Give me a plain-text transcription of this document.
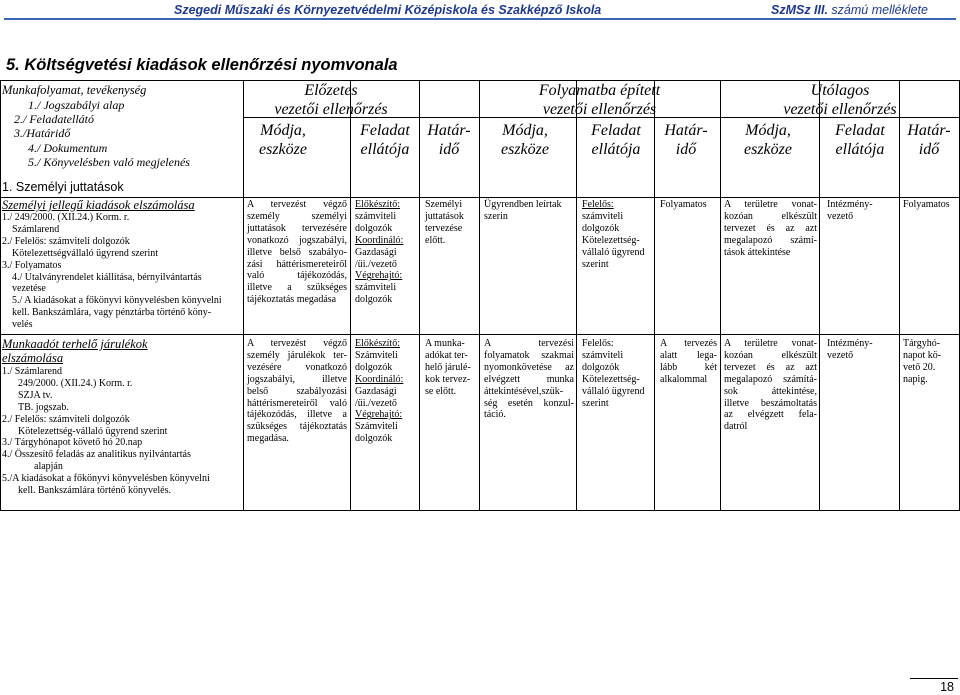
Szegedi Műszaki és Környezetvédelmi Középiskola és Szakképző Iskola	SzMSz III. számú melléklete
5. Költségvetési kiadások ellenőrzési nyomvonala
Munkafolyamat, tevékenység
1./ Jogszabályi alap
2./ Feladatellátó
3./Határidő
4./ Dokumentum
5./ Könyvelésben való megjelenés
1. Személyi juttatások
Előzetes
vezetői ellenőrzés
Folyamatba épített
vezetői ellenőrzés
Utólagos
vezetői ellenőrzés
Módja,
eszköze
Feladat
ellátója
Határ-
idő
Módja,
eszköze
Feladat
ellátója
Határ-
idő
Módja,
eszköze
Feladat
ellátója
Határ-
idő
Személyi jellegű kiadások elszámolása
1./ 249/2000. (XII.24.) Korm. r.
Számlarend
2./ Felelős: számviteli dolgozók
Kötelezettségvállaló ügyrend szerint
3./ Folyamatos
4./ Utalványrendelet kiállítása, bérnyilvántartás
vezetése
5./ A kiadásokat a főkönyvi könyvelésben könyvelni
kell. Bankszámlára, vagy pénztárba történő köny-
velés
A tervezést végző
személy személyi
juttatások tervezésére
vonatkozó jogszabályi,
illetve belső szabályo-
zási háttérismereteiről
való tájékozódás,
illetve a szükséges
tájékoztatás megadása
Előkészítő:
számviteli
dolgozók
Koordináló:
Gazdasági
/üi./vezető
Végrehajtó:
számviteli
dolgozók
Személyi
juttatások
tervezése
előtt.
Ügyrendben leírtak
szerin
Felelős:
számviteli
dolgozók
Kötelezettség-
vállaló ügyrend
szerint
Folyamatos	A területre vonat-
kozóan elkészült
tervezet és az azt
megalapozó számí-
tások áttekintése
Intézmény-
vezető
Folyamatos
Munkaadót terhelő járulékok
elszámolása
1./ Számlarend
249/2000. (XII.24.) Korm. r.
SZJA tv.
TB. jogszab.
2./ Felelős: számviteli dolgozók
Kötelezettség-vállaló ügyrend szerint
3./ Tárgyhónapot követő hó 20.nap
4./ Összesítő feladás az analitikus nyilvántartás
alapján
5./A kiadásokat a főkönyvi könyvelésben könyvelni
kell. Bankszámlára történő könyvelés.
A tervezést végző
személy járulékok ter-
vezésére vonatkozó
jogszabályi, illetve
belső szabályozási
háttérismereteiről való
tájékozódás, illetve a
szükséges tájékoztatás
megadása.
Előkészítő:
Számviteli
dolgozók
Koordináló:
Gazdasági
/üi./vezető
Végrehajtó:
Számviteli
dolgozók
A munka-
adókat ter-
helő járulé-
kok tervez-
se előtt.
A tervezési
folyamatok szakmai
nyomonkövetése az
elvégzett munka
áttekintésével,szük-
ség esetén konzul-
táció.
Felelős:
számviteli
dolgozók
Kötelezettség-
vállaló ügyrend
szerint
A tervezés
alatt lega-
lább két
alkalommal
A területre vonat-
kozóan elkészült
tervezet és az azt
megalapozó számítá-
sok áttekintése,
illetve beszámoltatás
az elvégzett fela-
datról
Intézmény-
vezető
Tárgyhó-
napot kö-
vető 20.
napig.
18
